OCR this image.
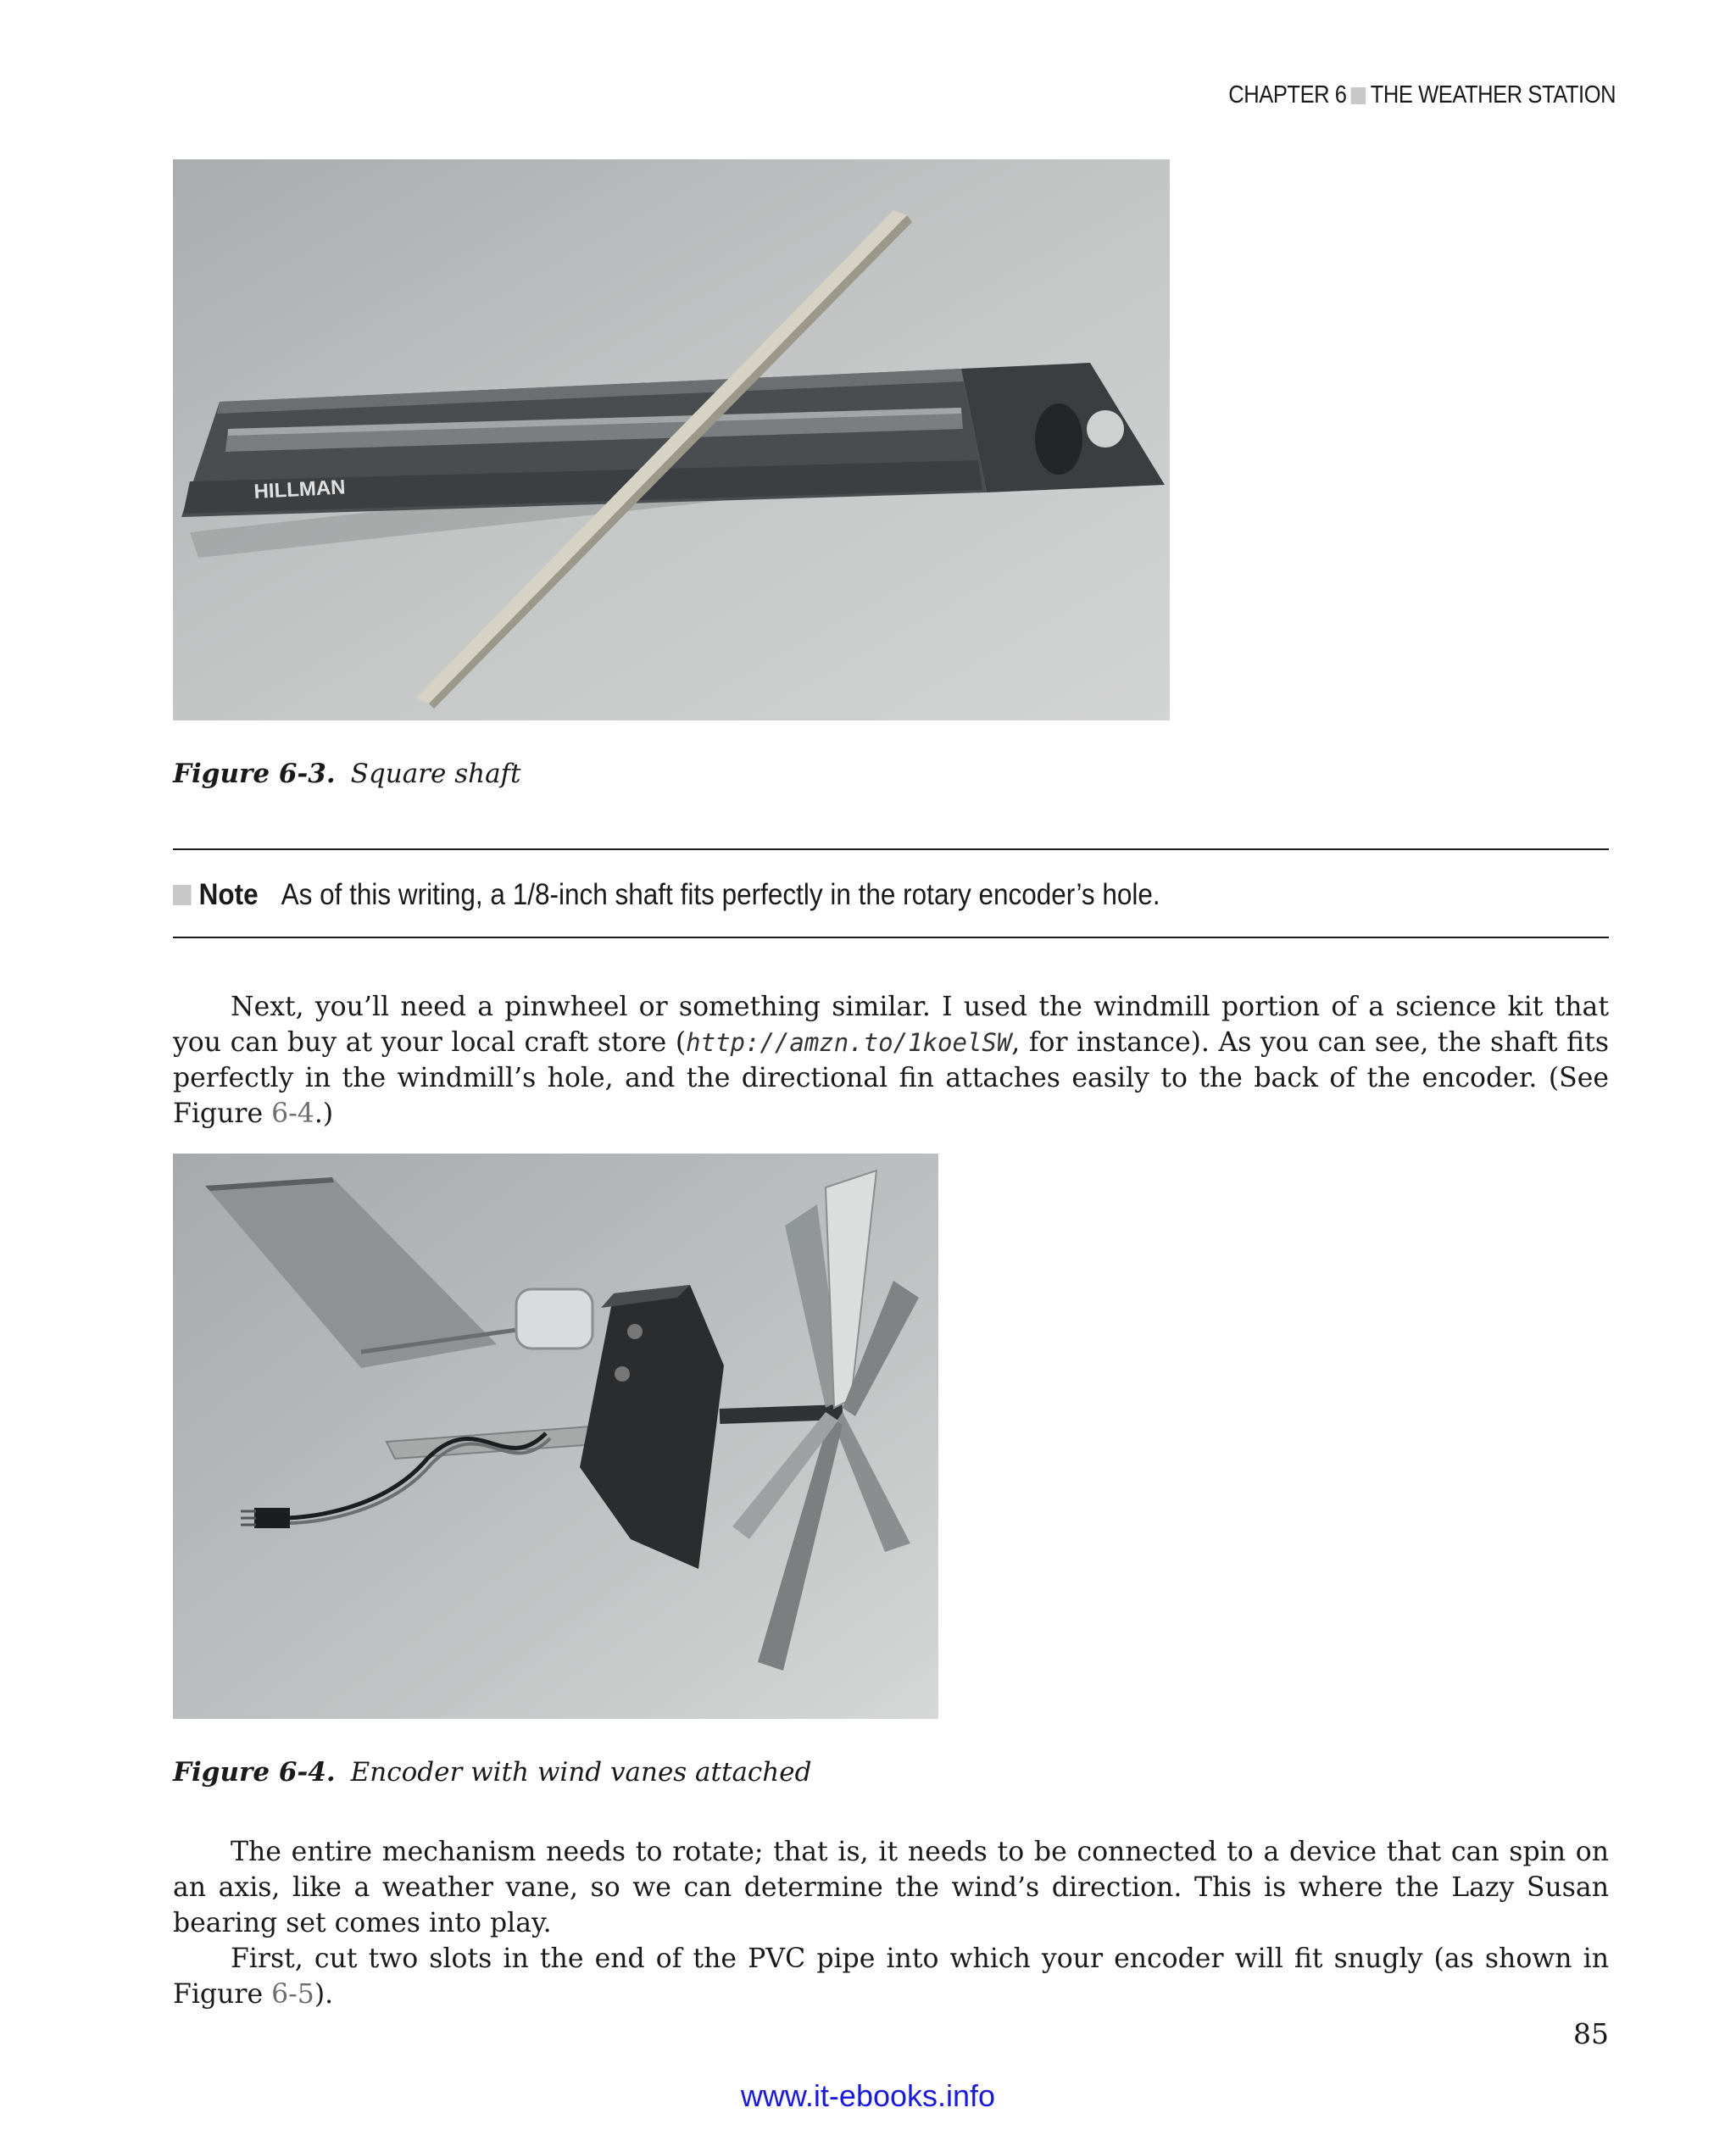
CHAPTER 6 THE WEATHER STATION
HILLMAN
Figure 6-3. Square shaft
Note As of this writing, a 1/8-inch shaft fits perfectly in the rotary encoder’s hole.

Next, you’ll need a pinwheel or something similar. I used the windmill portion of a science kit that you can buy at your local craft store (http://amzn.to/1koelSW, for instance). As you can see, the shaft fits perfectly in the windmill’s hole, and the directional fin attaches easily to the back of the encoder. (See Figure 6-4.)

Figure 6-4. Encoder with wind vanes attached

The entire mechanism needs to rotate; that is, it needs to be connected to a device that can spin on an axis, like a weather vane, so we can determine the wind’s direction. This is where the Lazy Susan bearing set comes into play.

First, cut two slots in the end of the PVC pipe into which your encoder will fit snugly (as shown in Figure 6-5).

85
www.it-ebooks.info
